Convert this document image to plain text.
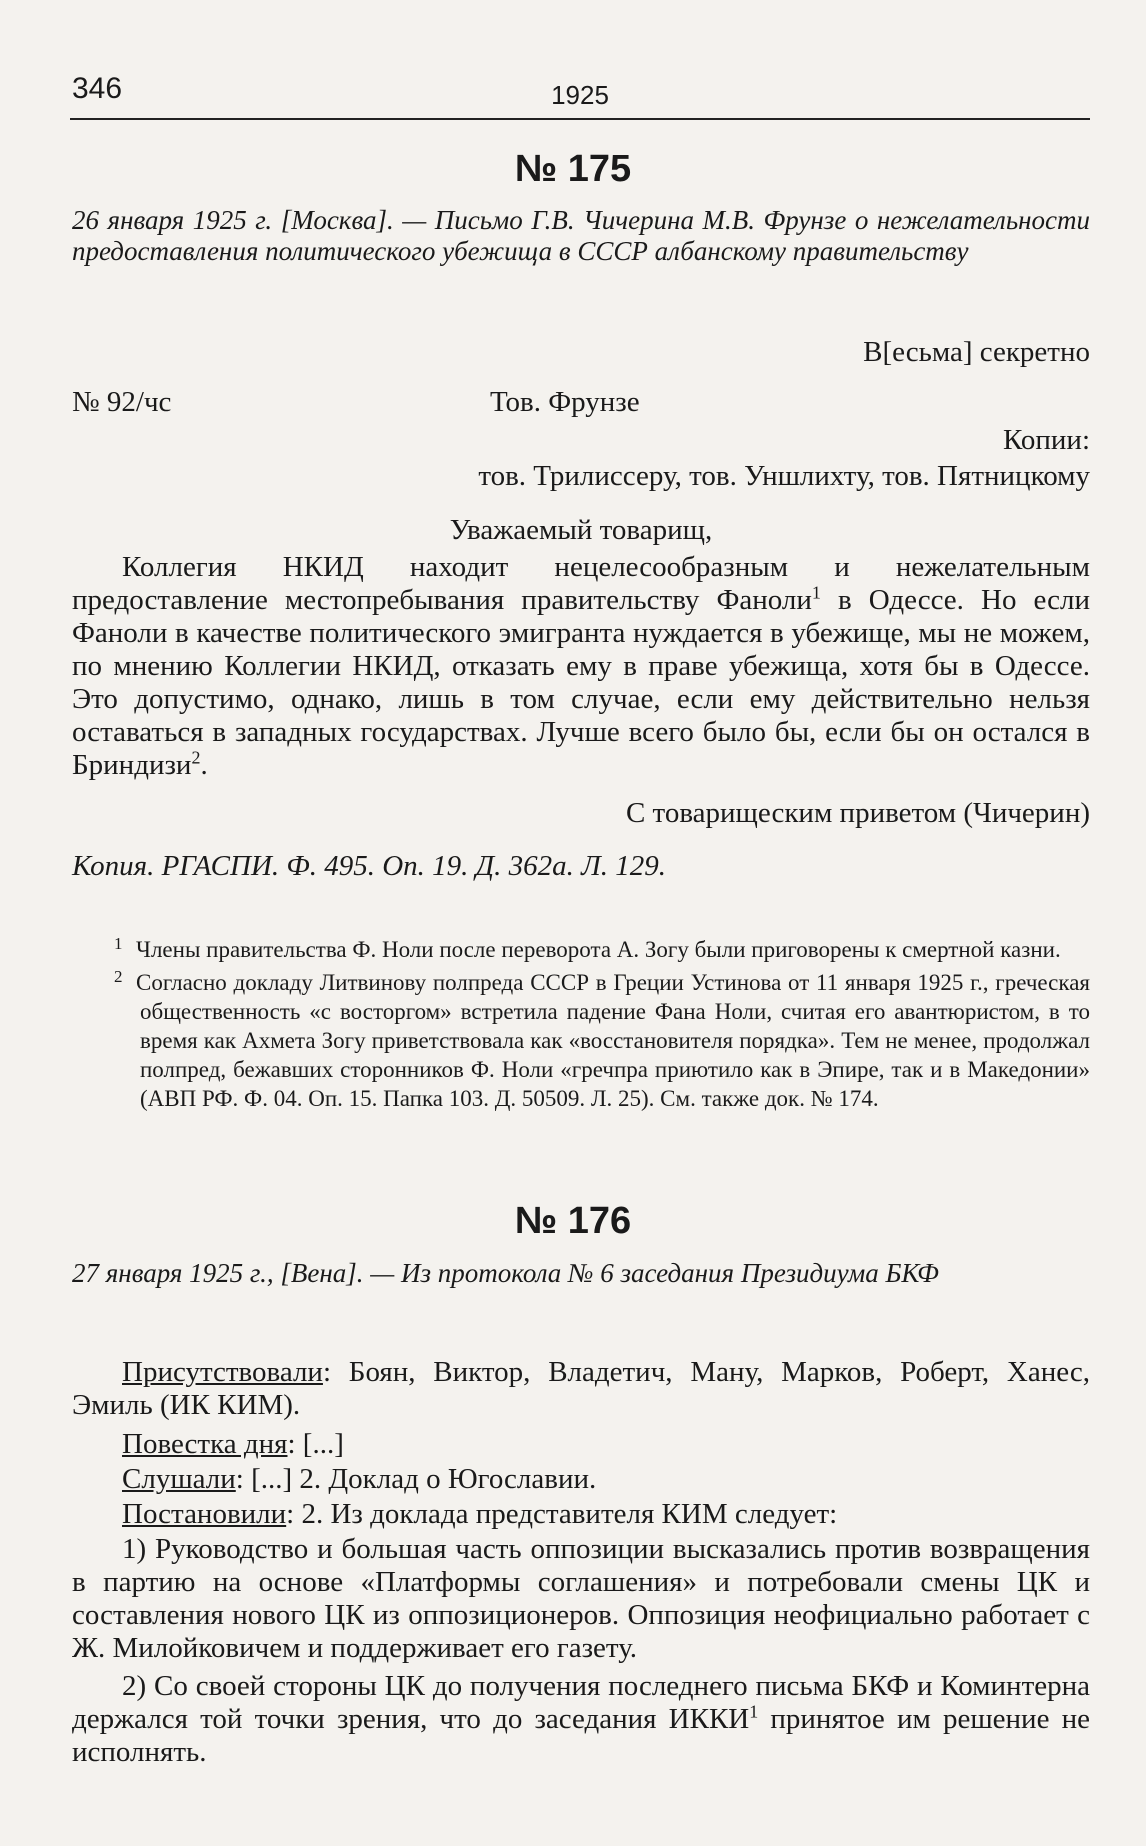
346	1925
№ 175
26 января 1925 г. [Москва]. — Письмо Г.В. Чичерина М.В. Фрунзе о нежелательности предоставления политического убежища в СССР албанскому правительству
В[есьма] секретно
№ 92/чс	Тов. Фрунзе
Копии:
тов. Трилиссеру, тов. Уншлихту, тов. Пятницкому
Уважаемый товарищ,
Коллегия НКИД находит нецелесообразным и нежелательным предоставление местопребывания правительству Фаноли$^1$ в Одессе. Но если Фаноли в качестве политического эмигранта нуждается в убежище, мы не можем, по мнению Коллегии НКИД, отказать ему в праве убежища, хотя бы в Одессе. Это допустимо, однако, лишь в том случае, если ему действительно нельзя оставаться в западных государствах. Лучше всего было бы, если бы он остался в Бриндизи$^2$.
С товарищеским приветом (Чичерин)
Копия. РГАСПИ. Ф. 495. Оп. 19. Д. 362а. Л. 129.
1 Члены правительства Ф. Ноли после переворота А. Зогу были приговорены к смертной казни.
2 Согласно докладу Литвинову полпреда СССР в Греции Устинова от 11 января 1925 г., греческая общественность «с восторгом» встретила падение Фана Ноли, считая его авантюристом, в то время как Ахмета Зогу приветствовала как «восстановителя порядка». Тем не менее, продолжал полпред, бежавших сторонников Ф. Ноли «гречпра приютило как в Эпире, так и в Македонии» (АВП РФ. Ф. 04. Оп. 15. Папка 103. Д. 50509. Л. 25). См. также док. № 174.
№ 176
27 января 1925 г., [Вена]. — Из протокола № 6 заседания Президиума БКФ
Присутствовали: Боян, Виктор, Владетич, Ману, Марков, Роберт, Ханес, Эмиль (ИК КИМ).
Повестка дня: [...]
Слушали: [...] 2. Доклад о Югославии.
Постановили: 2. Из доклада представителя КИМ следует:
1) Руководство и большая часть оппозиции высказались против возвращения в партию на основе «Платформы соглашения» и потребовали смены ЦК и составления нового ЦК из оппозиционеров. Оппозиция неофициально работает с Ж. Милойковичем и поддерживает его газету.
2) Со своей стороны ЦК до получения последнего письма БКФ и Коминтерна держался той точки зрения, что до заседания ИККИ$^1$ принятое им решение не исполнять.
